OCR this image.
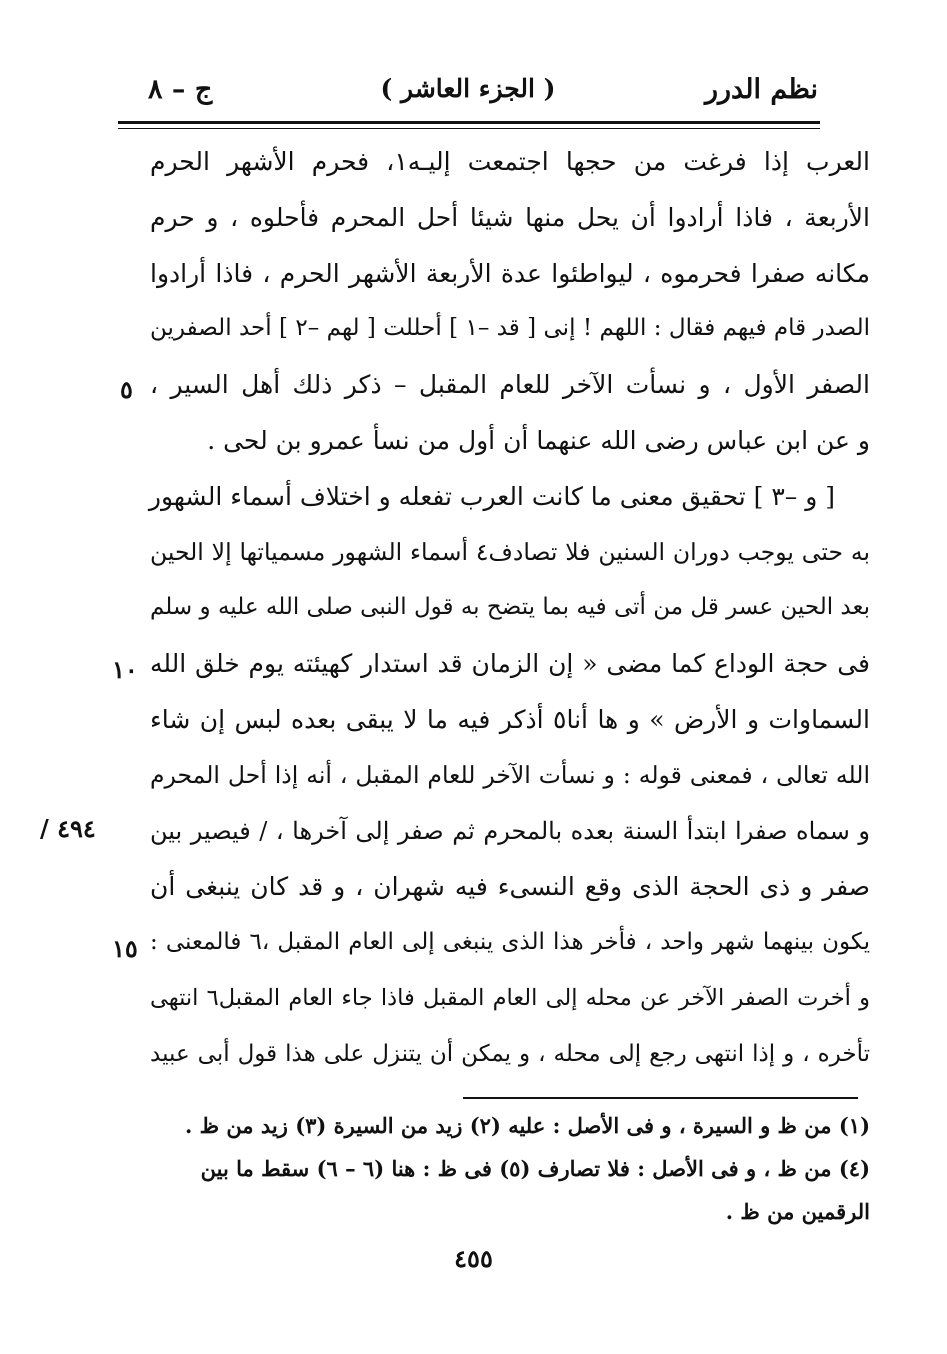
نظم الدرر
( الجزء العاشر )
ج – ٨
العرب إذا فرغت من حجها اجتمعت إليـه١، فحرم الأشهر الحرم
الأربعة ، فاذا أرادوا أن يحل منها شيئا أحل المحرم فأحلوه ، و حرم
مكانه صفرا فحرموه ، ليواطئوا عدة الأربعة الأشهر الحرم ، فاذا أرادوا
الصدر قام فيهم فقال : اللهم ! إنى [ قد –١ ] أحللت [ لهم –٢ ] أحد الصفرين
الصفر الأول ، و نسأت الآخر للعام المقبل – ذكر ذلك أهل السير ،
و عن ابن عباس رضى الله عنهما أن أول من نسأ عمرو بن لحى .
[ و –٣ ] تحقيق معنى ما كانت العرب تفعله و اختلاف أسماء الشهور
به حتى يوجب دوران السنين فلا تصادف٤ أسماء الشهور مسمياتها إلا الحين
بعد الحين عسر قل من أتى فيه بما يتضح به قول النبى صلى الله عليه و سلم
فى حجة الوداع كما مضى « إن الزمان قد استدار كهيئته يوم خلق الله
السماوات و الأرض » و ها أنا٥ أذكر فيه ما لا يبقى بعده لبس إن شاء
الله تعالى ، فمعنى قوله : و نسأت الآخر للعام المقبل ، أنه إذا أحل المحرم
و سماه صفرا ابتدأ السنة بعده بالمحرم ثم صفر إلى آخرها ، / فيصير بين
صفر و ذى الحجة الذى وقع النسىء فيه شهران ، و قد كان ينبغى أن
يكون بينهما شهر واحد ، فأخر هذا الذى ينبغى إلى العام المقبل ،٦ فالمعنى :
و أخرت الصفر الآخر عن محله إلى العام المقبل فاذا جاء العام المقبل٦ انتهى
تأخره ، و إذا انتهى رجع إلى محله ، و يمكن أن يتنزل على هذا قول أبى عبيد
٥
١٠
١٥
٤٩٤ /
(١) من ظ و السيرة ، و فى الأصل : عليه (٢) زيد من السيرة (٣) زيد من ظ .
(٤) من ظ ، و فى الأصل : فلا تصارف (٥) فى ظ : هنا (٦ – ٦) سقط ما بين
الرقمين من ظ .
٤٥٥
